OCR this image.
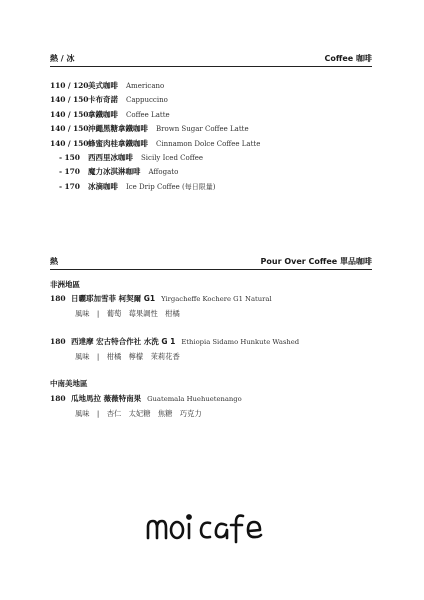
熱 / 冰	Coffee 咖啡
110 / 120 美式咖啡 Americano
140 / 150 卡布奇諾 Cappuccino
140 / 150 拿鐵咖啡 Coffee Latte
140 / 150 沖繩黑糖拿鐵咖啡 Brown Sugar Coffee Latte
140 / 150 蜂蜜肉桂拿鐵咖啡 Cinnamon Dolce Coffee Latte
- 150	西西里冰咖啡 Sicily Iced Coffee
- 170	魔力冰淇淋咖啡 Affogato
- 170	冰滴咖啡 Ice Drip Coffee (每日限量)
熱	Pour Over Coffee 單品咖啡
非洲地區
180 日曬耶加雪菲 柯契爾 G1 Yirgacheffe Kochere G1 Natural
風味 | 葡萄 莓果調性 柑橘
180 西達摩 宏古特合作社 水洗 G 1 Ethiopia Sidamo Hunkute Washed
風味 | 柑橘 檸檬 茉莉花香
中南美地區
180 瓜地馬拉 薇薇特南果 Guatemala Huehuetenango
風味 | 杏仁 太妃糖 焦糖 巧克力
